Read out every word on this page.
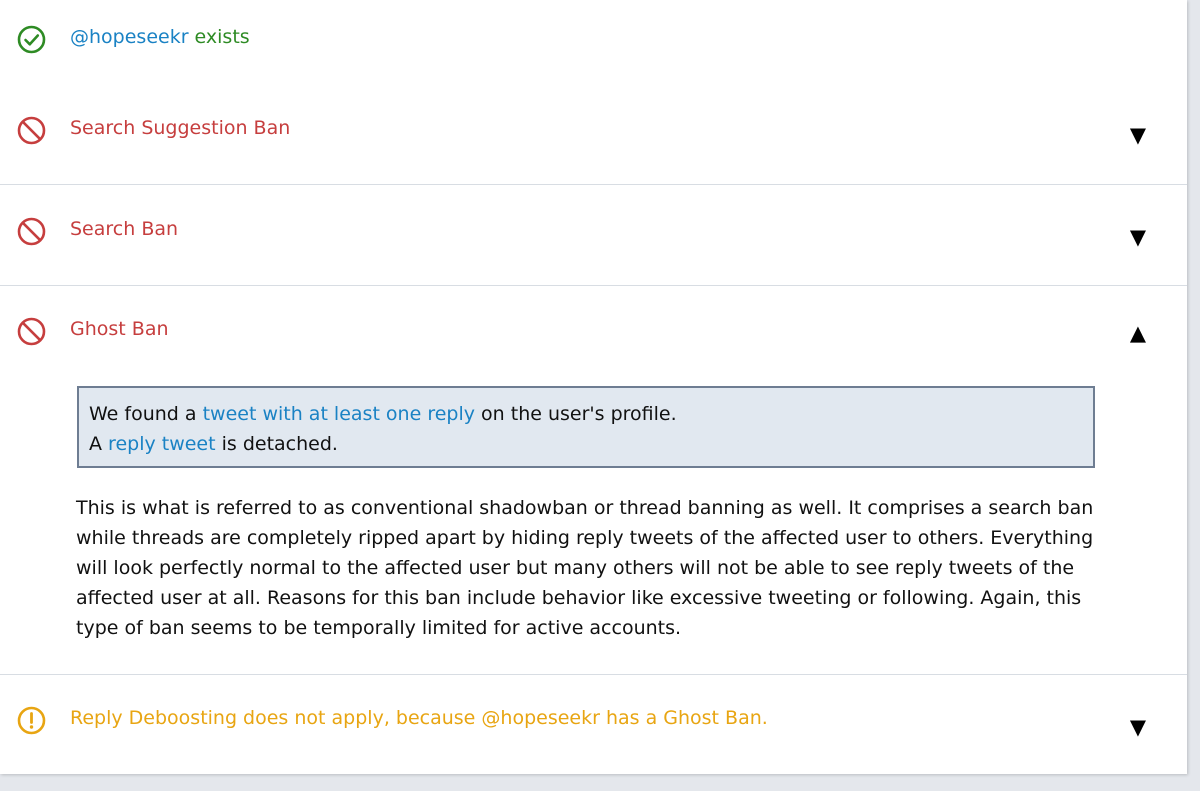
@hopeseekr exists
Search Suggestion Ban	▼
Search Ban	▼
Ghost Ban	▲
We found a tweet with at least one reply on the user's profile.
A reply tweet is detached.
This is what is referred to as conventional shadowban or thread banning as well. It comprises a search ban while threads are completely ripped apart by hiding reply tweets of the affected user to others. Everything will look perfectly normal to the affected user but many others will not be able to see reply tweets of the affected user at all. Reasons for this ban include behavior like excessive tweeting or following. Again, this type of ban seems to be temporally limited for active accounts.
Reply Deboosting does not apply, because @hopeseekr has a Ghost Ban.	▼
